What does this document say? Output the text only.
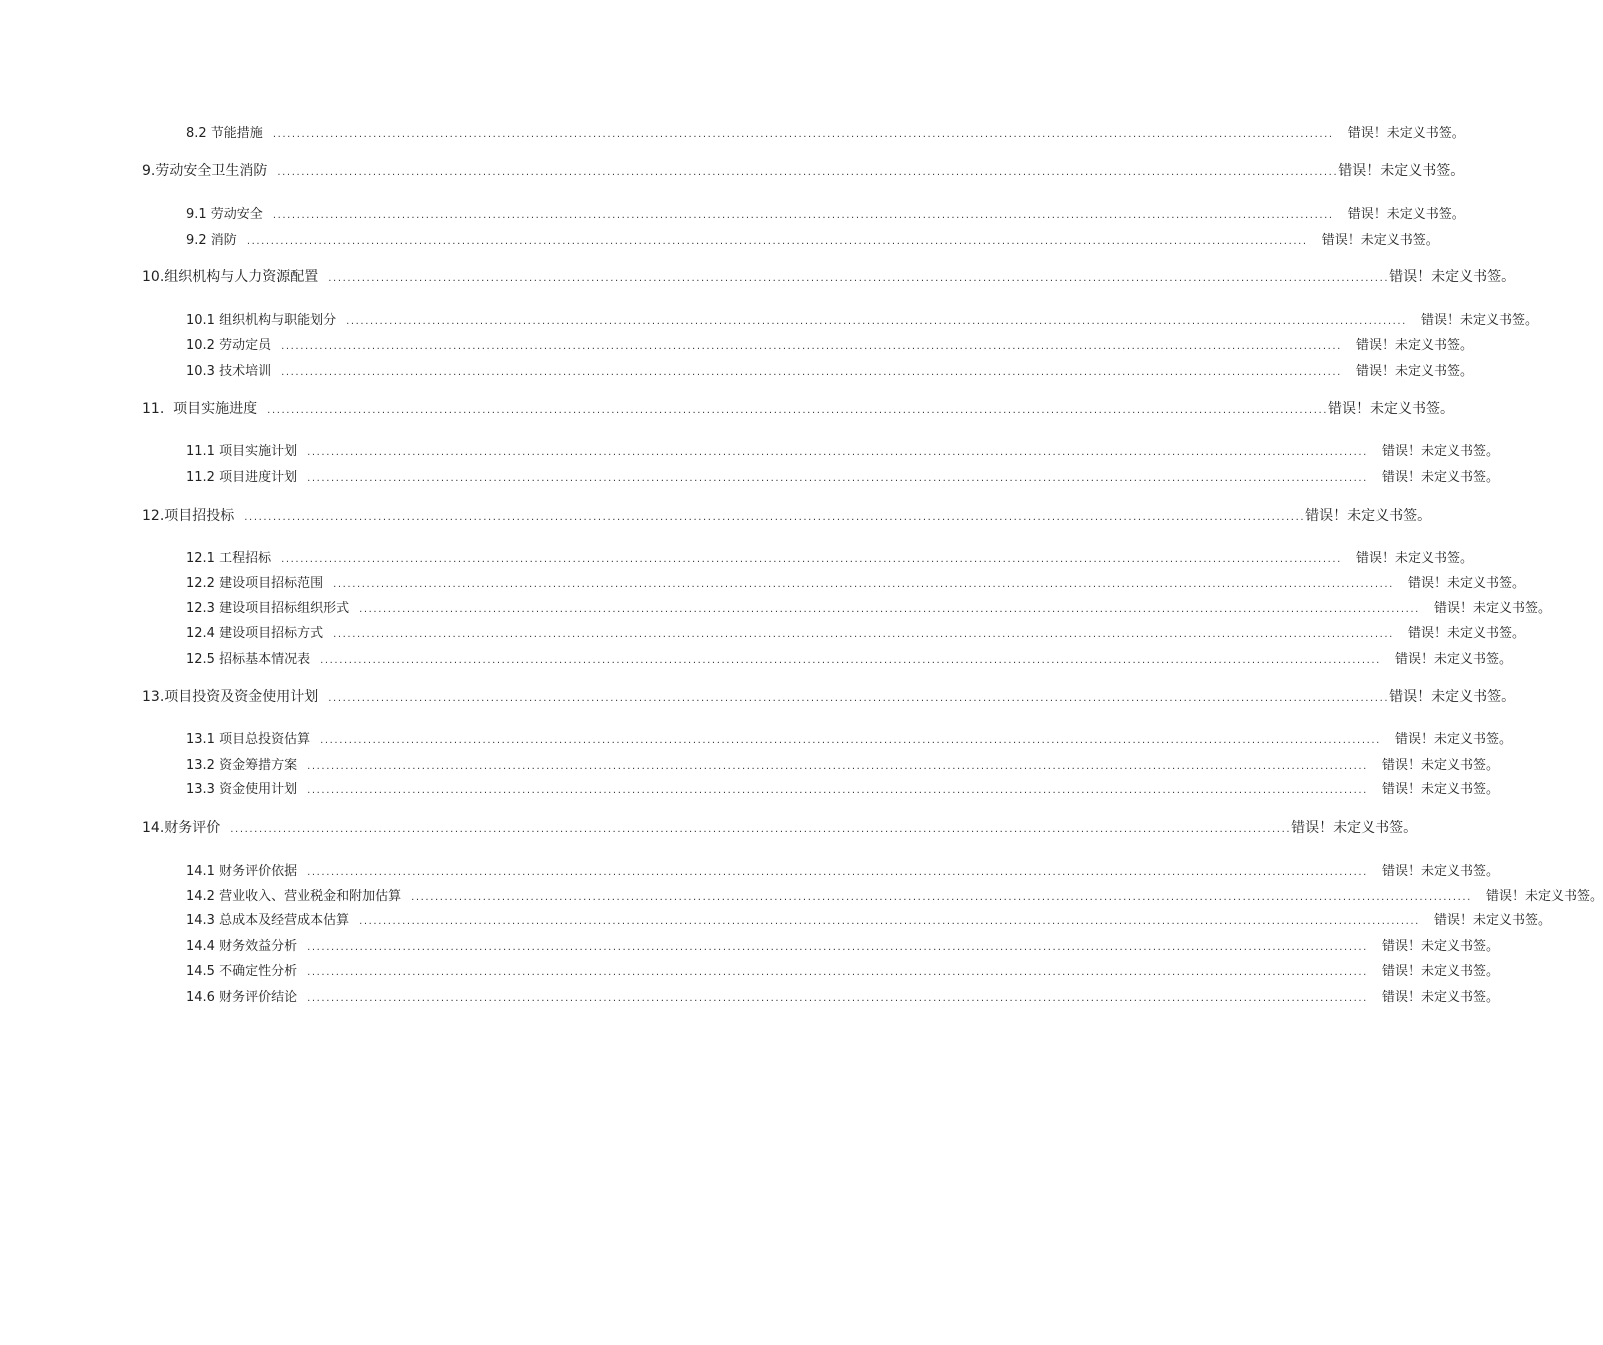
8.2 节能措施 .............................................................................................................................................................................................................................. 错误！未定义书签。
9.劳动安全卫生消防 .............................................................................................................................................................................................................................. 错误！未定义书签。
9.1 劳动安全 .............................................................................................................................................................................................................................. 错误！未定义书签。
9.2 消防 .............................................................................................................................................................................................................................. 错误！未定义书签。
10.组织机构与人力资源配置 .............................................................................................................................................................................................................................. 错误！未定义书签。
10.1 组织机构与职能划分 .............................................................................................................................................................................................................................. 错误！未定义书签。
10.2 劳动定员 .............................................................................................................................................................................................................................. 错误！未定义书签。
10.3 技术培训 .............................................................................................................................................................................................................................. 错误！未定义书签。
11.  项目实施进度 .............................................................................................................................................................................................................................. 错误！未定义书签。
11.1 项目实施计划 .............................................................................................................................................................................................................................. 错误！未定义书签。
11.2 项目进度计划 .............................................................................................................................................................................................................................. 错误！未定义书签。
12.项目招投标 .............................................................................................................................................................................................................................. 错误！未定义书签。
12.1 工程招标 .............................................................................................................................................................................................................................. 错误！未定义书签。
12.2 建设项目招标范围 .............................................................................................................................................................................................................................. 错误！未定义书签。
12.3 建设项目招标组织形式 .............................................................................................................................................................................................................................. 错误！未定义书签。
12.4 建设项目招标方式 .............................................................................................................................................................................................................................. 错误！未定义书签。
12.5 招标基本情况表 .............................................................................................................................................................................................................................. 错误！未定义书签。
13.项目投资及资金使用计划 .............................................................................................................................................................................................................................. 错误！未定义书签。
13.1 项目总投资估算 .............................................................................................................................................................................................................................. 错误！未定义书签。
13.2 资金筹措方案 .............................................................................................................................................................................................................................. 错误！未定义书签。
13.3 资金使用计划 .............................................................................................................................................................................................................................. 错误！未定义书签。
14.财务评价 .............................................................................................................................................................................................................................. 错误！未定义书签。
14.1 财务评价依据 .............................................................................................................................................................................................................................. 错误！未定义书签。
14.2 营业收入、营业税金和附加估算 .............................................................................................................................................................................................................................. 错误！未定义书签。
14.3 总成本及经营成本估算 .............................................................................................................................................................................................................................. 错误！未定义书签。
14.4 财务效益分析 .............................................................................................................................................................................................................................. 错误！未定义书签。
14.5 不确定性分析 .............................................................................................................................................................................................................................. 错误！未定义书签。
14.6 财务评价结论 .............................................................................................................................................................................................................................. 错误！未定义书签。
